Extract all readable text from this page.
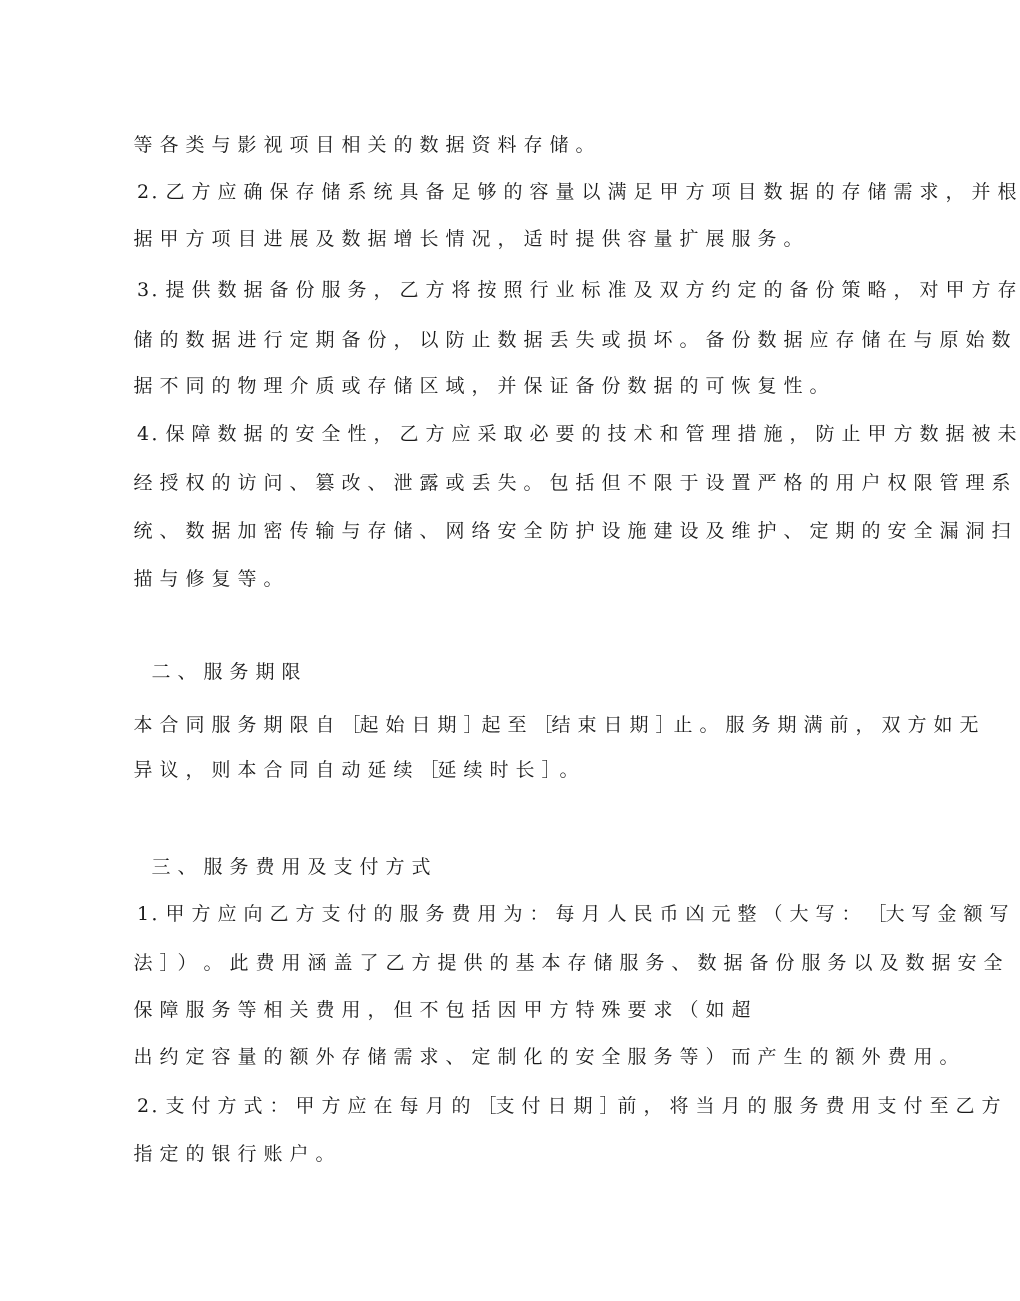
等 各 类 与 影 视 项 目 相 关 的 数 据 资 料 存 储 。
2 ．
乙 方 应 确 保 存 储 系 统 具 备 足 够 的 容 量 以 满 足 甲 方 项 目 数 据 的 存 储 需 求 ， 并 根
据 甲 方 项 目 进 展 及 数 据 增 长 情 况 ， 适 时 提 供 容 量 扩 展 服 务 。
3 ．
提 供 数 据 备 份 服 务 ， 乙 方 将 按 照 行 业 标 准 及 双 方 约 定 的 备 份 策 略 ， 对 甲 方 存
储 的 数 据 进 行 定 期 备 份 ， 以 防 止 数 据 丢 失 或 损 坏 。 备 份 数 据 应 存 储 在 与 原 始 数
据 不 同 的 物 理 介 质 或 存 储 区 域 ， 并 保 证 备 份 数 据 的 可 恢 复 性 。
4 ．
保 障 数 据 的 安 全 性 ， 乙 方 应 采 取 必 要 的 技 术 和 管 理 措 施 ， 防 止 甲 方 数 据 被 未
经 授 权 的 访 问 、 篡 改 、 泄 露 或 丢 失 。 包 括 但 不 限 于 设 置 严 格 的 用 户 权 限 管 理 系
统 、 数 据 加 密 传 输 与 存 储 、 网 络 安 全 防 护 设 施 建 设 及 维 护 、 定 期 的 安 全 漏 洞 扫
描 与 修 复 等 。
二 、 服 务 期 限
本 合 同 服 务 期 限 自 ［
起 始 日 期 ］
起 至 ［
结 束 日 期 ］
止 。 服 务 期 满 前 ， 双 方 如 无
异 议 ， 则 本 合 同 自 动 延 续 ［
延 续 时 长 ］
。
三 、 服 务 费 用 及 支 付 方 式
1 ．
甲 方 应 向 乙 方 支 付 的 服 务 费 用 为 ： 每 月 人 民 币 凶 元 整 （ 大 写 ： ［
大 写 金 额 写
法 ］
） 。 此 费 用 涵 盖 了 乙 方 提 供 的 基 本 存 储 服 务 、 数 据 备 份 服 务 以 及 数 据 安 全
保 障 服 务 等 相 关 费 用 ， 但 不 包 括 因 甲 方 特 殊 要 求 （ 如 超
出 约 定 容 量 的 额 外 存 储 需 求 、 定 制 化 的 安 全 服 务 等 ） 而 产 生 的 额 外 费 用 。
2 ．
支 付 方 式 ： 甲 方 应 在 每 月 的 ［
支 付 日 期 ］
前 ， 将 当 月 的 服 务 费 用 支 付 至 乙 方
指 定 的 银 行 账 户 。
